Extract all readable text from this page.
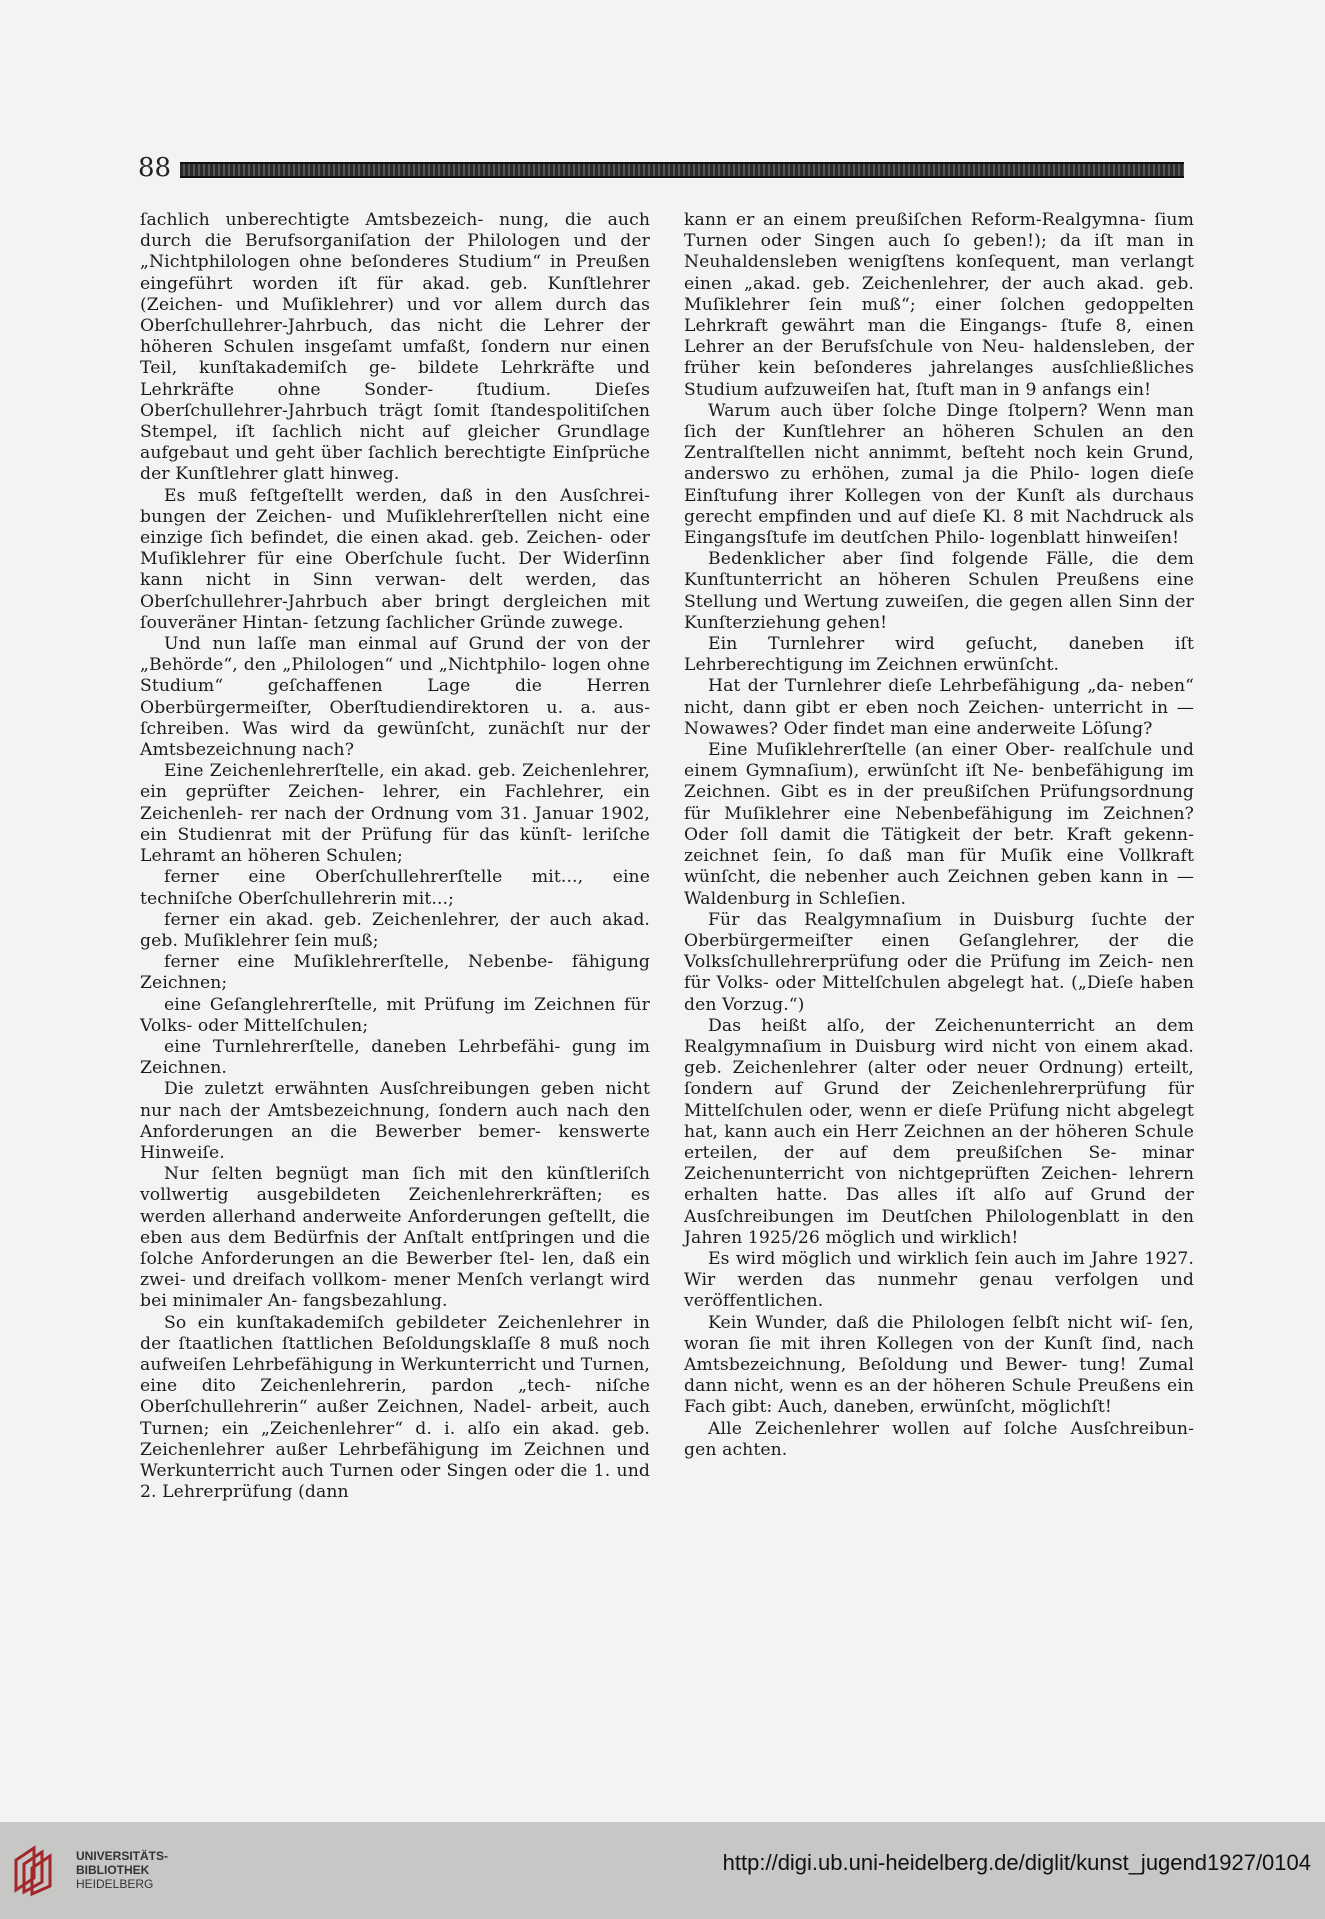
88

ſachlich unberechtigte Amtsbezeich- nung, die auch durch die Berufsorganiſation der Philologen und der „Nichtphilologen ohne beſonderes Studium“ in Preußen eingeführt worden iſt für akad. geb. Kunſtlehrer (Zeichen- und Muſiklehrer) und vor allem durch das Oberſchullehrer-Jahrbuch, das nicht die Lehrer der höheren Schulen insgeſamt umfaßt, ſondern nur einen Teil, kunſtakademiſch ge- bildete Lehrkräfte und Lehrkräfte ohne Sonder- ſtudium. Dieſes Oberſchullehrer-Jahrbuch trägt ſomit ſtandespolitiſchen Stempel, iſt ſachlich nicht auf gleicher Grundlage aufgebaut und geht über ſachlich berechtigte Einſprüche der Kunſtlehrer glatt hinweg.

Es muß feſtgeſtellt werden, daß in den Ausſchrei- bungen der Zeichen- und Muſiklehrerſtellen nicht eine einzige ſich befindet, die einen akad. geb. Zeichen- oder Muſiklehrer für eine Oberſchule ſucht. Der Widerſinn kann nicht in Sinn verwan- delt werden, das Oberſchullehrer-Jahrbuch aber bringt dergleichen mit ſouveräner Hintan- ſetzung ſachlicher Gründe zuwege.

Und nun laſſe man einmal auf Grund der von der „Behörde“, den „Philologen“ und „Nichtphilo- logen ohne Studium“ geſchaffenen Lage die Herren Oberbürgermeiſter, Oberſtudiendirektoren u. a. aus- ſchreiben. Was wird da gewünſcht, zunächſt nur der Amtsbezeichnung nach?

Eine Zeichenlehrerſtelle, ein akad. geb. Zeichenlehrer, ein geprüfter Zeichen- lehrer, ein Fachlehrer, ein Zeichenleh- rer nach der Ordnung vom 31. Januar 1902, ein Studienrat mit der Prüfung für das künſt- leriſche Lehramt an höheren Schulen;

ferner eine Oberſchullehrerſtelle mit..., eine techniſche Oberſchullehrerin mit...;

ferner ein akad. geb. Zeichenlehrer, der auch akad. geb. Muſiklehrer ſein muß;

ferner eine Muſiklehrerſtelle, Nebenbe- fähigung Zeichnen;

eine Geſanglehrerſtelle, mit Prüfung im Zeichnen für Volks- oder Mittelſchulen;

eine Turnlehrerſtelle, daneben Lehrbefähi- gung im Zeichnen.

Die zuletzt erwähnten Ausſchreibungen geben nicht nur nach der Amtsbezeichnung, ſondern auch nach den Anforderungen an die Bewerber bemer- kenswerte Hinweiſe.

Nur ſelten begnügt man ſich mit den künſtleriſch vollwertig ausgebildeten Zeichenlehrerkräften; es werden allerhand anderweite Anforderungen geſtellt, die eben aus dem Bedürfnis der Anſtalt entſpringen und die ſolche Anforderungen an die Bewerber ſtel- len, daß ein zwei- und dreifach vollkom- mener Menſch verlangt wird bei minimaler An- fangsbezahlung.

So ein kunſtakademiſch gebildeter Zeichenlehrer in der ſtaatlichen ſtattlichen Beſoldungsklaſſe 8 muß noch aufweiſen Lehrbefähigung in Werkunterricht und Turnen, eine dito Zeichenlehrerin, pardon „tech- niſche Oberſchullehrerin“ außer Zeichnen, Nadel- arbeit, auch Turnen; ein „Zeichenlehrer“ d. i. alſo ein akad. geb. Zeichenlehrer außer Lehrbefähigung im Zeichnen und Werkunterricht auch Turnen oder Singen oder die 1. und 2. Lehrerprüfung (dann

kann er an einem preußiſchen Reform-Realgymna- ſium Turnen oder Singen auch ſo geben!); da iſt man in Neuhaldensleben wenigſtens konſequent, man verlangt einen „akad. geb. Zeichenlehrer, der auch akad. geb. Muſiklehrer ſein muß“; einer ſolchen gedoppelten Lehrkraft gewährt man die Eingangs- ſtufe 8, einen Lehrer an der Berufsſchule von Neu- haldensleben, der früher kein beſonderes jahrelanges ausſchließliches Studium aufzuweiſen hat, ſtuft man in 9 anfangs ein!

Warum auch über ſolche Dinge ſtolpern? Wenn man ſich der Kunſtlehrer an höheren Schulen an den Zentralſtellen nicht annimmt, beſteht noch kein Grund, anderswo zu erhöhen, zumal ja die Philo- logen dieſe Einſtufung ihrer Kollegen von der Kunſt als durchaus gerecht empfinden und auf dieſe Kl. 8 mit Nachdruck als Eingangsſtufe im deutſchen Philo- logenblatt hinweiſen!

Bedenklicher aber ſind folgende Fälle, die dem Kunſtunterricht an höheren Schulen Preußens eine Stellung und Wertung zuweiſen, die gegen allen Sinn der Kunſterziehung gehen!

Ein Turnlehrer wird geſucht, daneben iſt Lehrberechtigung im Zeichnen erwünſcht.

Hat der Turnlehrer dieſe Lehrbefähigung „da- neben“ nicht, dann gibt er eben noch Zeichen- unterricht in — Nowawes? Oder findet man eine anderweite Löſung?

Eine Muſiklehrerſtelle (an einer Ober- realſchule und einem Gymnaſium), erwünſcht iſt Ne- benbefähigung im Zeichnen. Gibt es in der preußiſchen Prüfungsordnung für Muſiklehrer eine Nebenbefähigung im Zeichnen? Oder ſoll damit die Tätigkeit der betr. Kraft gekenn- zeichnet ſein, ſo daß man für Muſik eine Vollkraft wünſcht, die nebenher auch Zeichnen geben kann in — Waldenburg in Schleſien.

Für das Realgymnaſium in Duisburg ſuchte der Oberbürgermeiſter einen Geſanglehrer, der die Volksſchullehrerprüfung oder die Prüfung im Zeich- nen für Volks- oder Mittelſchulen abgelegt hat. („Dieſe haben den Vorzug.“)

Das heißt alſo, der Zeichenunterricht an dem Realgymnaſium in Duisburg wird nicht von einem akad. geb. Zeichenlehrer (alter oder neuer Ordnung) erteilt, ſondern auf Grund der Zeichenlehrerprüfung für Mittelſchulen oder, wenn er dieſe Prüfung nicht abgelegt hat, kann auch ein Herr Zeichnen an der höheren Schule erteilen, der auf dem preußiſchen Se- minar Zeichenunterricht von nichtgeprüften Zeichen- lehrern erhalten hatte. Das alles iſt alſo auf Grund der Ausſchreibungen im Deutſchen Philologenblatt in den Jahren 1925/26 möglich und wirklich!

Es wird möglich und wirklich ſein auch im Jahre 1927. Wir werden das nunmehr genau verfolgen und veröffentlichen.

Kein Wunder, daß die Philologen ſelbſt nicht wiſ- ſen, woran ſie mit ihren Kollegen von der Kunſt ſind, nach Amtsbezeichnung, Beſoldung und Bewer- tung! Zumal dann nicht, wenn es an der höheren Schule Preußens ein Fach gibt: Auch, daneben, erwünſcht, möglichſt!

Alle Zeichenlehrer wollen auf ſolche Ausſchreibun- gen achten.

UNIVERSITÄTS-
BIBLIOTHEK
HEIDELBERG
http://digi.ub.uni-heidelberg.de/diglit/kunst_jugend1927/0104
